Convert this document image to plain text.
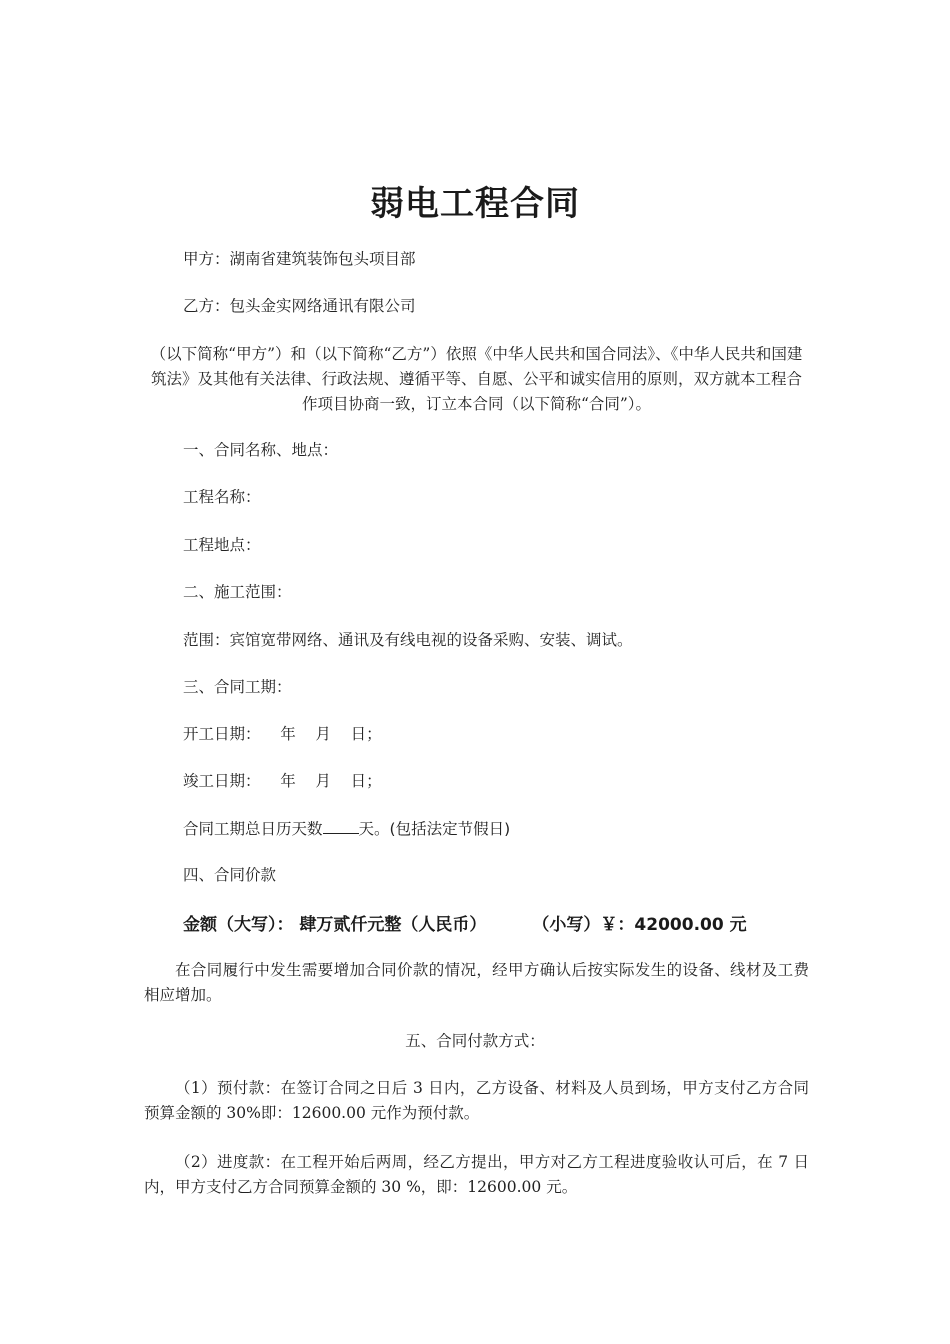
弱电工程合同
甲方：湖南省建筑装饰包头项目部
乙方：包头金实网络通讯有限公司
（以下简称“甲方”）和（以下简称“乙方”）依照《中华人民共和国合同法》、《中华人民共和国建筑法》及其他有关法律、行政法规、遵循平等、自愿、公平和诚实信用的原则，双方就本工程合作项目协商一致，订立本合同（以下简称“合同”）。
一、合同名称、地点：
工程名称：
工程地点：
二、施工范围：
范围：宾馆宽带网络、通讯及有线电视的设备采购、安装、调试。
三、合同工期：
开工日期：    年    月    日；
竣工日期：    年    月    日；
合同工期总日历天数 天。(包括法定节假日)
四、合同价款
金额（大写）： 肆万贰仟元整（人民币）	（小写）￥：42000.00 元
在合同履行中发生需要增加合同价款的情况，经甲方确认后按实际发生的设备、线材及工费相应增加。
五、合同付款方式：
（1）预付款：在签订合同之日后 3 日内，乙方设备、材料及人员到场，甲方支付乙方合同预算金额的 30%即：12600.00 元作为预付款。
（2）进度款：在工程开始后两周，经乙方提出，甲方对乙方工程进度验收认可后，在 7 日内，甲方支付乙方合同预算金额的 30 %，即：12600.00 元。
